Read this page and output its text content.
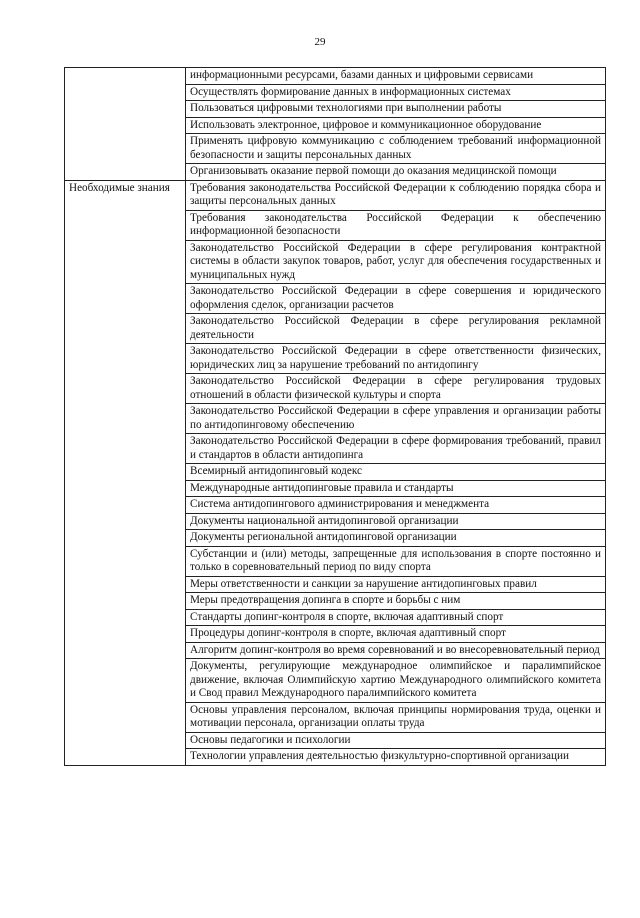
29
	информационными ресурсами, базами данных и цифровыми сервисами
	Осуществлять формирование данных в информационных системах
	Пользоваться цифровыми технологиями при выполнении работы
	Использовать электронное, цифровое и коммуникационное оборудование
	Применять цифровую коммуникацию с соблюдением требований информационной безопасности и защиты персональных данных
	Организовывать оказание первой помощи до оказания медицинской помощи

Необходимые знания	Требования законодательства Российской Федерации к соблюдению порядка сбора и защиты персональных данных
	Требования законодательства Российской Федерации к обеспечению информационной безопасности
	Законодательство Российской Федерации в сфере регулирования контрактной системы в области закупок товаров, работ, услуг для обеспечения государственных и муниципальных нужд
	Законодательство Российской Федерации в сфере совершения и юридического оформления сделок, организации расчетов
	Законодательство Российской Федерации в сфере регулирования рекламной деятельности
	Законодательство Российской Федерации в сфере ответственности физических, юридических лиц за нарушение требований по антидопингу
	Законодательство Российской Федерации в сфере регулирования трудовых отношений в области физической культуры и спорта
	Законодательство Российской Федерации в сфере управления и организации работы по антидопинговому обеспечению
	Законодательство Российской Федерации в сфере формирования требований, правил и стандартов в области антидопинга
	Всемирный антидопинговый кодекс
	Международные антидопинговые правила и стандарты
	Система антидопингового администрирования и менеджмента
	Документы национальной антидопинговой организации
	Документы региональной антидопинговой организации
	Субстанции и (или) методы, запрещенные для использования в спорте постоянно и только в соревновательный период по виду спорта
	Меры ответственности и санкции за нарушение антидопинговых правил
	Меры предотвращения допинга в спорте и борьбы с ним
	Стандарты допинг-контроля в спорте, включая адаптивный спорт
	Процедуры допинг-контроля в спорте, включая адаптивный спорт
	Алгоритм допинг-контроля во время соревнований и во внесоревновательный период
	Документы, регулирующие международное олимпийское и паралимпийское движение, включая Олимпийскую хартию Международного олимпийского комитета и Свод правил Международного паралимпийского комитета
	Основы управления персоналом, включая принципы нормирования труда, оценки и мотивации персонала, организации оплаты труда
	Основы педагогики и психологии
	Технологии управления деятельностью физкультурно-спортивной организации
